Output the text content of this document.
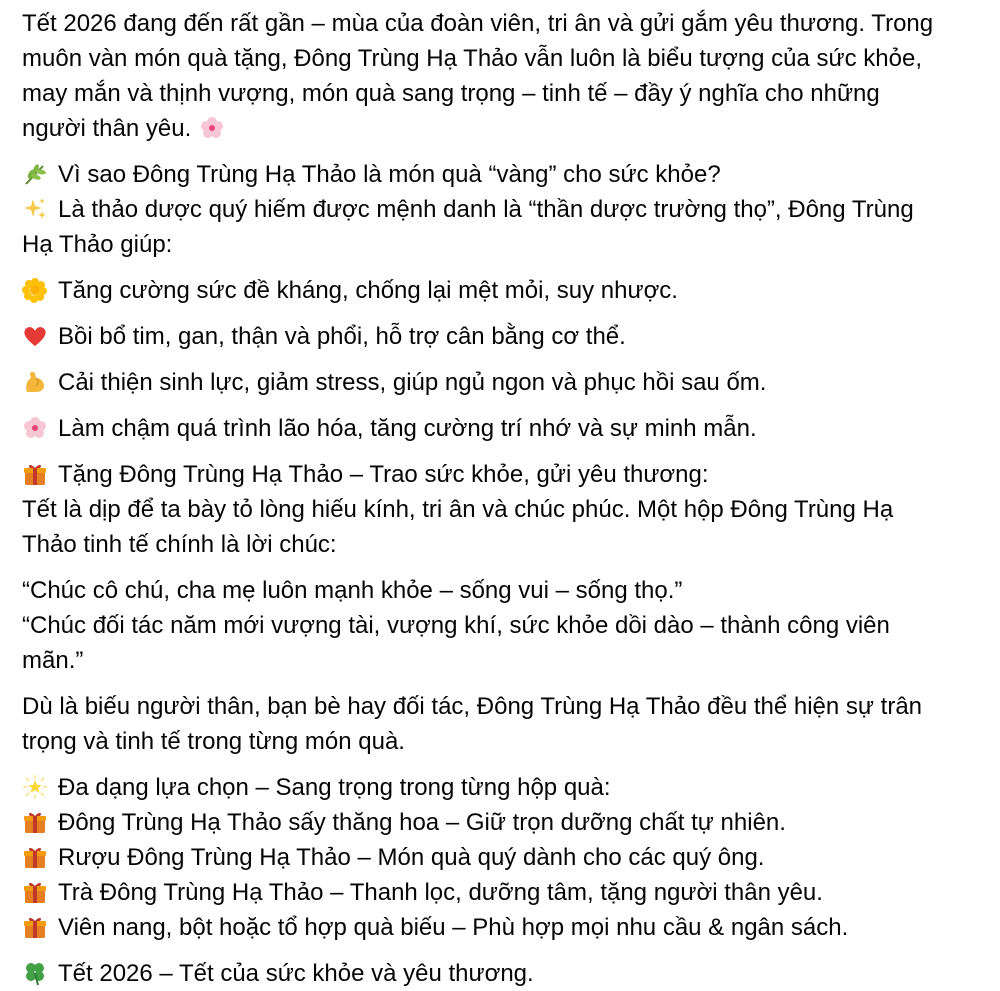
Tết 2026 đang đến rất gần – mùa của đoàn viên, tri ân và gửi gắm yêu thương. Trong
muôn vàn món quà tặng, Đông Trùng Hạ Thảo vẫn luôn là biểu tượng của sức khỏe,
may mắn và thịnh vượng, món quà sang trọng – tinh tế – đầy ý nghĩa cho những
người thân yêu.
Vì sao Đông Trùng Hạ Thảo là món quà “vàng” cho sức khỏe?
Là thảo dược quý hiếm được mệnh danh là “thần dược trường thọ”, Đông Trùng
Hạ Thảo giúp:
Tăng cường sức đề kháng, chống lại mệt mỏi, suy nhược.
Bồi bổ tim, gan, thận và phổi, hỗ trợ cân bằng cơ thể.
Cải thiện sinh lực, giảm stress, giúp ngủ ngon và phục hồi sau ốm.
Làm chậm quá trình lão hóa, tăng cường trí nhớ và sự minh mẫn.
Tặng Đông Trùng Hạ Thảo – Trao sức khỏe, gửi yêu thương:
Tết là dịp để ta bày tỏ lòng hiếu kính, tri ân và chúc phúc. Một hộp Đông Trùng Hạ
Thảo tinh tế chính là lời chúc:
“Chúc cô chú, cha mẹ luôn mạnh khỏe – sống vui – sống thọ.”
“Chúc đối tác năm mới vượng tài, vượng khí, sức khỏe dồi dào – thành công viên
mãn.”
Dù là biếu người thân, bạn bè hay đối tác, Đông Trùng Hạ Thảo đều thể hiện sự trân
trọng và tinh tế trong từng món quà.
Đa dạng lựa chọn – Sang trọng trong từng hộp quà:
Đông Trùng Hạ Thảo sấy thăng hoa – Giữ trọn dưỡng chất tự nhiên.
Rượu Đông Trùng Hạ Thảo – Món quà quý dành cho các quý ông.
Trà Đông Trùng Hạ Thảo – Thanh lọc, dưỡng tâm, tặng người thân yêu.
Viên nang, bột hoặc tổ hợp quà biếu – Phù hợp mọi nhu cầu & ngân sách.
Tết 2026 – Tết của sức khỏe và yêu thương.
